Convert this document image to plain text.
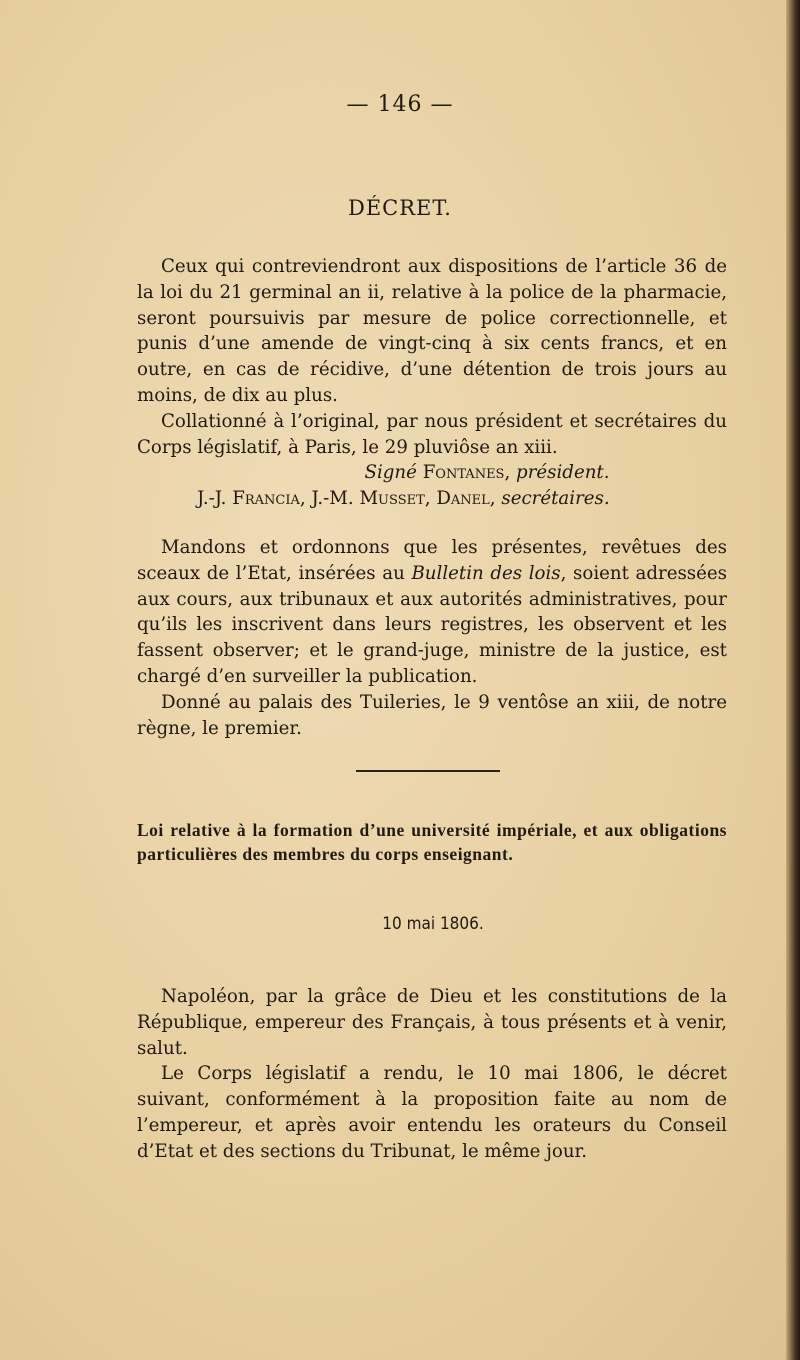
— 146 —
DÉCRET.

Ceux qui contreviendront aux dispositions de l’article 36 de la loi du 21 germinal an ii, relative à la police de la pharmacie, seront poursuivis par mesure de police correctionnelle, et punis d’une amende de vingt-cinq à six cents francs, et en outre, en cas de récidive, d’une détention de trois jours au moins, de dix au plus.

Collationné à l’original, par nous président et secrétaires du Corps législatif, à Paris, le 29 pluviôse an xiii.

Signé Fontanes, président.
J.-J. Francia, J.-M. Musset, Danel, secrétaires.

Mandons et ordonnons que les présentes, revêtues des sceaux de l’Etat, insérées au Bulletin des lois, soient adressées aux cours, aux tribunaux et aux autorités administratives, pour qu’ils les inscrivent dans leurs registres, les observent et les fassent observer; et le grand-juge, ministre de la justice, est chargé d’en surveiller la publication.

Donné au palais des Tuileries, le 9 ventôse an xiii, de notre règne, le premier.

Loi relative à la formation d’une université impériale, et aux obligations particulières des membres du corps enseignant.
10 mai 1806.

Napoléon, par la grâce de Dieu et les constitutions de la République, empereur des Français, à tous présents et à venir, salut.

Le Corps législatif a rendu, le 10 mai 1806, le décret suivant, conformément à la proposition faite au nom de l’empereur, et après avoir entendu les orateurs du Conseil d’Etat et des sections du Tribunat, le même jour.
